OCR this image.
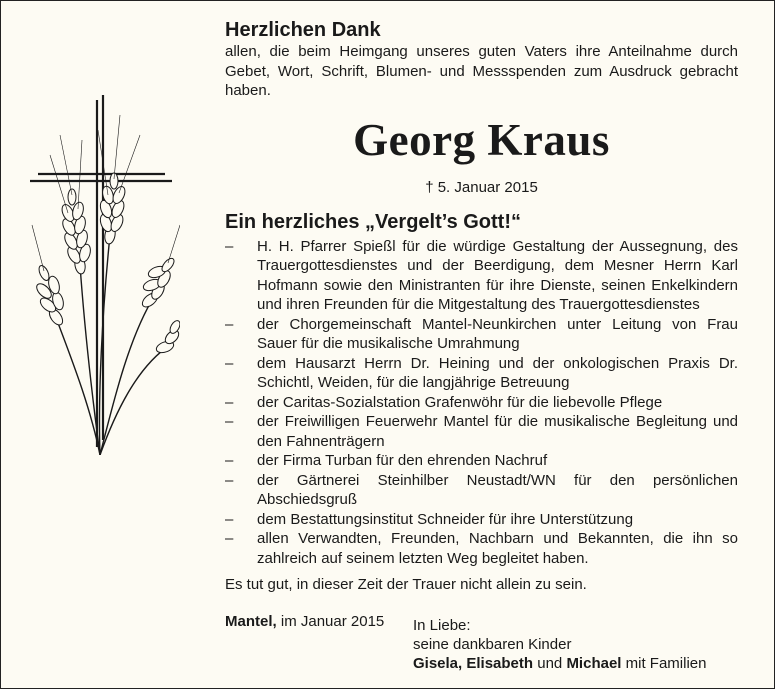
Herzlichen Dank

allen, die beim Heimgang unseres guten Vaters ihre Anteilnahme durch Gebet, Wort, Schrift, Blumen- und Messspenden zum Ausdruck gebracht haben.

Georg Kraus

† 5. Januar 2015

Ein herzliches „Vergelt’s Gott!“
– H. H. Pfarrer Spießl für die würdige Gestaltung der Aussegnung, des Trauergottesdienstes und der Beerdigung, dem Mesner Herrn Karl Hofmann sowie den Ministranten für ihre Dienste, seinen Enkelkindern und ihren Freunden für die Mitgestaltung des Trauergottesdienstes
– der Chorgemeinschaft Mantel-Neunkirchen unter Leitung von Frau Sauer für die musikalische Umrahmung
– dem Hausarzt Herrn Dr. Heining und der onkologischen Praxis Dr. Schichtl, Weiden, für die langjährige Betreuung
– der Caritas-Sozialstation Grafenwöhr für die liebevolle Pflege
– der Freiwilligen Feuerwehr Mantel für die musikalische Begleitung und den Fahnenträgern
– der Firma Turban für den ehrenden Nachruf
– der Gärtnerei Steinhilber Neustadt/WN für den persönlichen Abschiedsgruß
– dem Bestattungsinstitut Schneider für ihre Unterstützung
– allen Verwandten, Freunden, Nachbarn und Bekannten, die ihn so zahlreich auf seinem letzten Weg begleitet haben.

Es tut gut, in dieser Zeit der Trauer nicht allein zu sein.

Mantel, im Januar 2015	In Liebe:
seine dankbaren Kinder
Gisela, Elisabeth und Michael mit Familien
